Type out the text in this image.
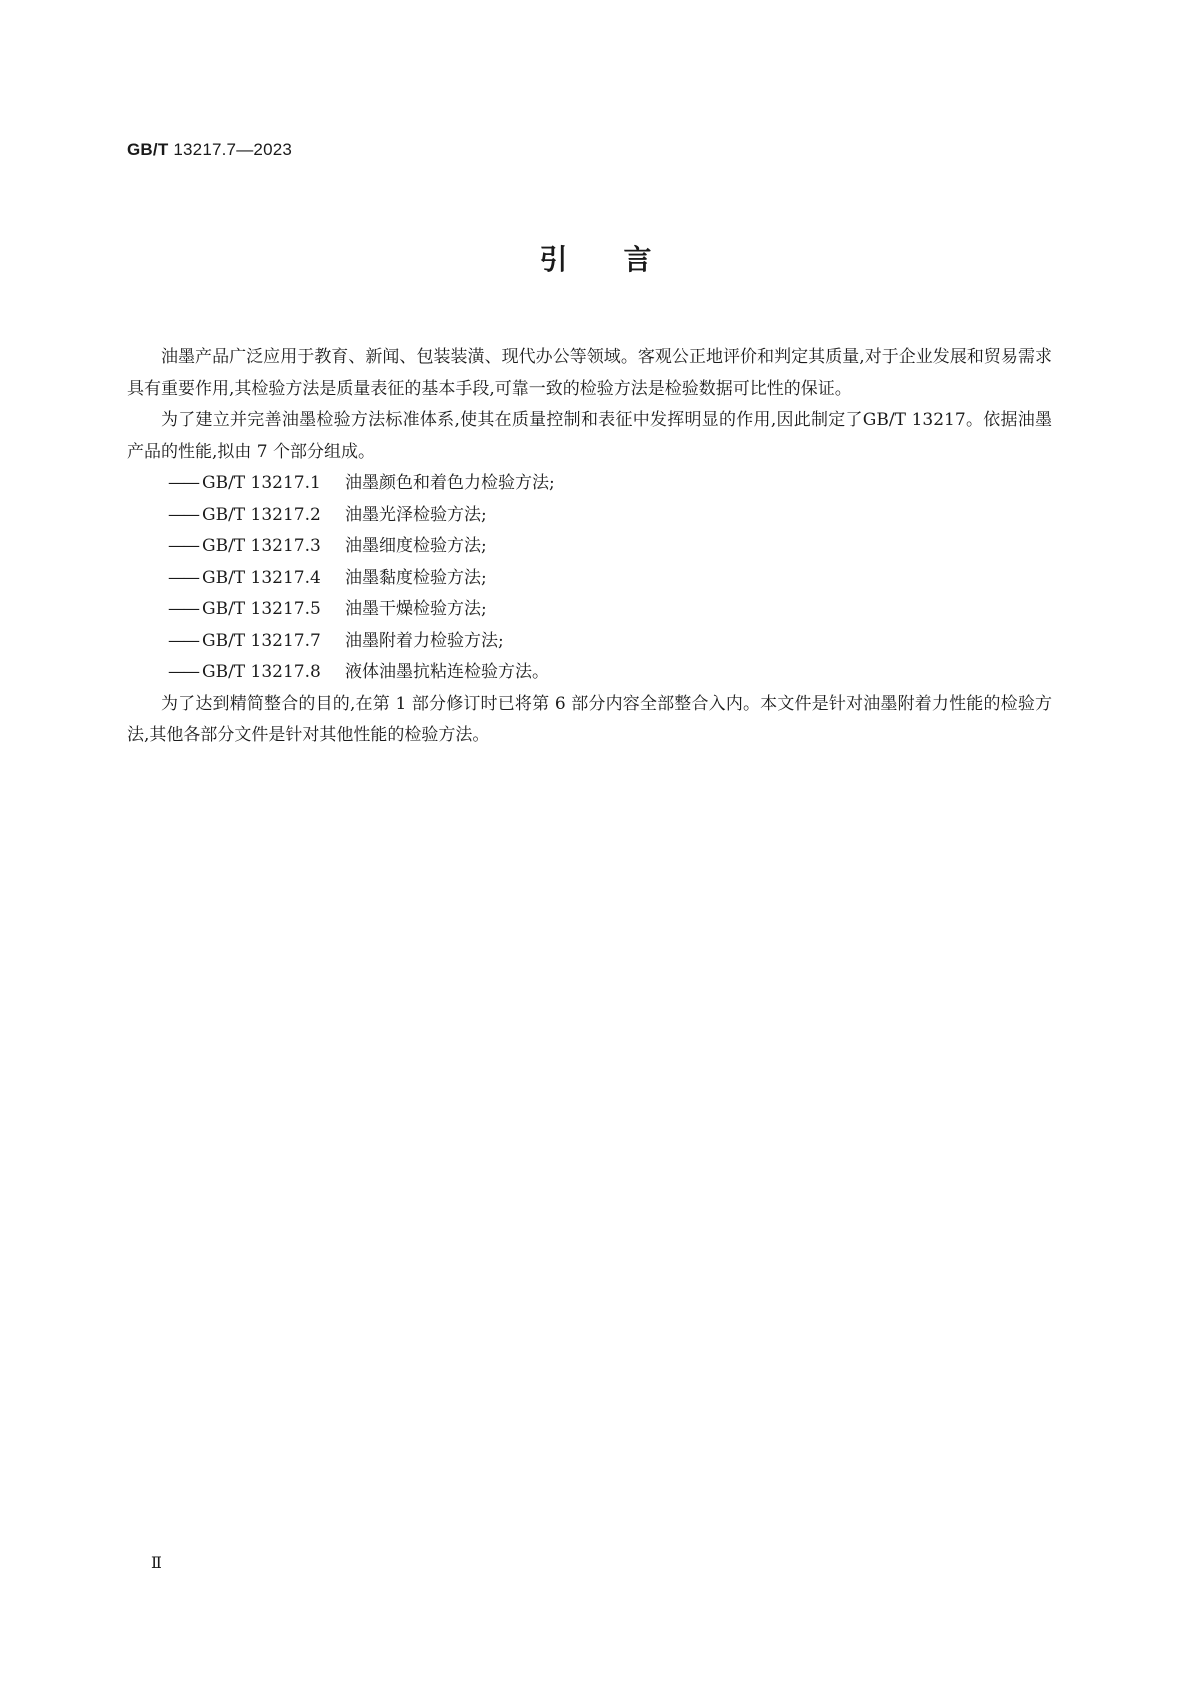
GB/T 13217.7—2023
引言

油墨产品广泛应用于教育、新闻、包装装潢、现代办公等领域。客观公正地评价和判定其质量,对于企业发展和贸易需求具有重要作用,其检验方法是质量表征的基本手段,可靠一致的检验方法是检验数据可比性的保证。

为了建立并完善油墨检验方法标准体系,使其在质量控制和表征中发挥明显的作用,因此制定了GB/T 13217。依据油墨产品的性能,拟由 7 个部分组成。

—— GB/T 13217.1 油墨颜色和着色力检验方法;
—— GB/T 13217.2 油墨光泽检验方法;
—— GB/T 13217.3 油墨细度检验方法;
—— GB/T 13217.4 油墨黏度检验方法;
—— GB/T 13217.5 油墨干燥检验方法;
—— GB/T 13217.7 油墨附着力检验方法;
—— GB/T 13217.8 液体油墨抗粘连检验方法。

为了达到精简整合的目的,在第 1 部分修订时已将第 6 部分内容全部整合入内。本文件是针对油墨附着力性能的检验方法,其他各部分文件是针对其他性能的检验方法。

Ⅱ
